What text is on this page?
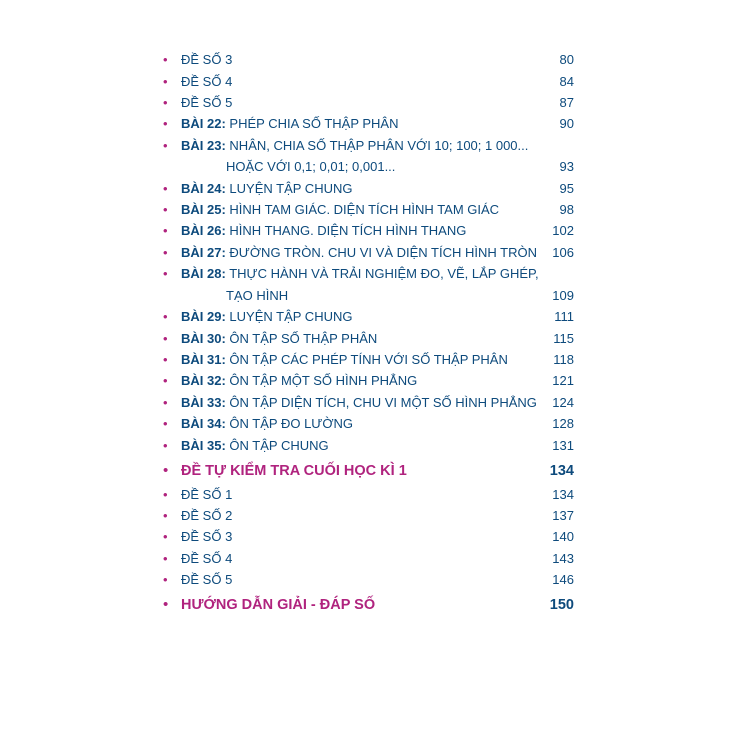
•	ĐỀ SỐ 3	80
•	ĐỀ SỐ 4	84
•	ĐỀ SỐ 5	87
•	BÀI 22: PHÉP CHIA SỐ THẬP PHÂN	90
•	BÀI 23: NHÂN, CHIA SỐ THẬP PHÂN VỚI 10; 100; 1 000...
HOẶC VỚI 0,1; 0,01; 0,001...	93
•	BÀI 24: LUYỆN TẬP CHUNG	95
•	BÀI 25: HÌNH TAM GIÁC. DIỆN TÍCH HÌNH TAM GIÁC	98
•	BÀI 26: HÌNH THANG. DIỆN TÍCH HÌNH THANG	102
•	BÀI 27: ĐƯỜNG TRÒN. CHU VI VÀ DIỆN TÍCH HÌNH TRÒN	106
•	BÀI 28: THỰC HÀNH VÀ TRẢI NGHIỆM ĐO, VẼ, LẮP GHÉP,
TẠO HÌNH	109
•	BÀI 29: LUYỆN TẬP CHUNG	111
•	BÀI 30: ÔN TẬP SỐ THẬP PHÂN	115
•	BÀI 31: ÔN TẬP CÁC PHÉP TÍNH VỚI SỐ THẬP PHÂN	118
•	BÀI 32: ÔN TẬP MỘT SỐ HÌNH PHẲNG	121
•	BÀI 33: ÔN TẬP DIỆN TÍCH, CHU VI MỘT SỐ HÌNH PHẲNG	124
•	BÀI 34: ÔN TẬP ĐO LƯỜNG	128
•	BÀI 35: ÔN TẬP CHUNG	131
• ĐỀ TỰ KIỂM TRA CUỐI HỌC KÌ 1	134
•	ĐỀ SỐ 1	134
•	ĐỀ SỐ 2	137
•	ĐỀ SỐ 3	140
•	ĐỀ SỐ 4	143
•	ĐỀ SỐ 5	146
• HƯỚNG DẪN GIẢI - ĐÁP SỐ	150
